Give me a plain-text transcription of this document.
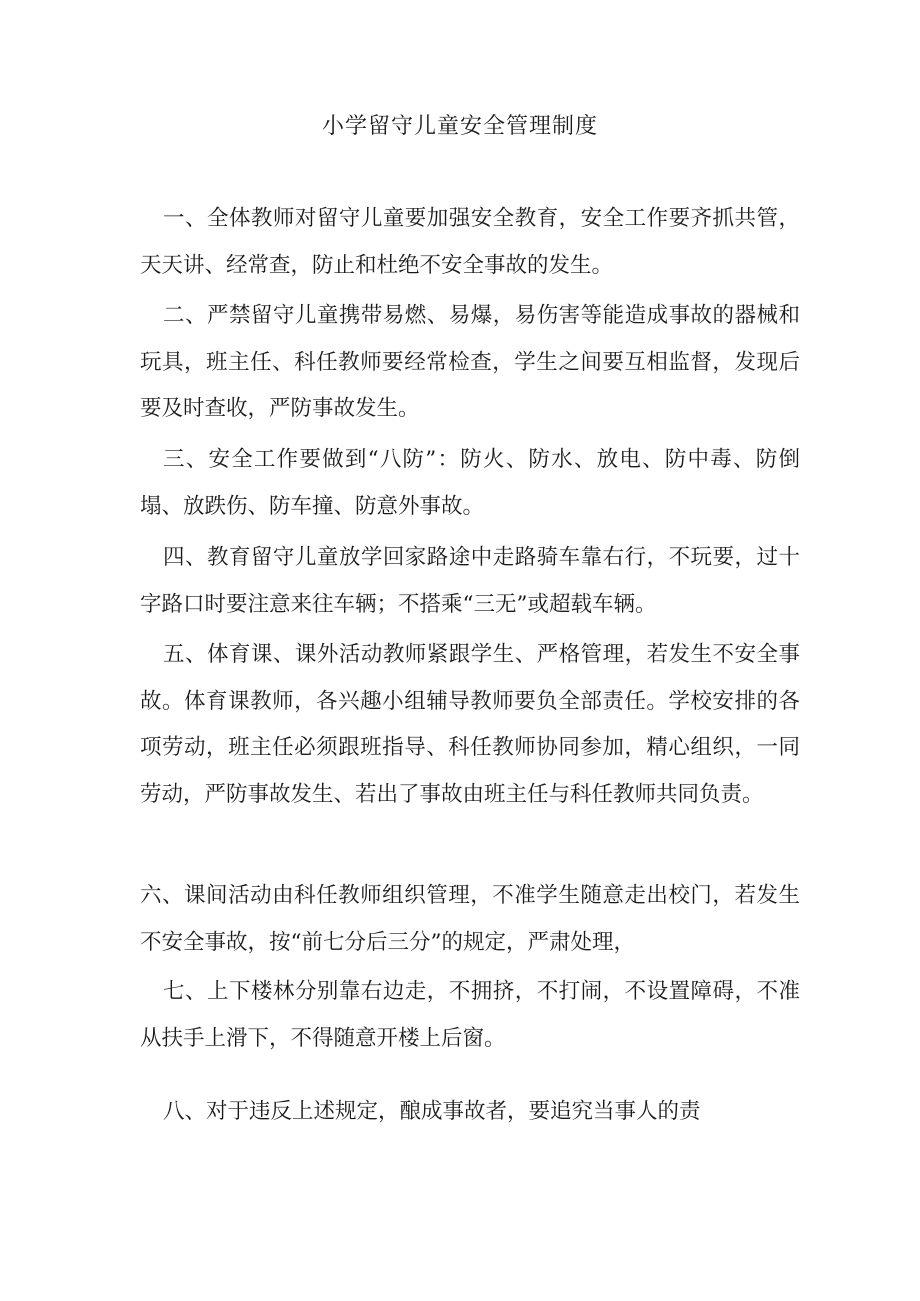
小学留守儿童安全管理制度

一、全体教师对留守儿童要加强安全教育，安全工作要齐抓共管，天天讲、经常查，防止和杜绝不安全事故的发生。

二、严禁留守儿童携带易燃、易爆，易伤害等能造成事故的器械和玩具，班主任、科任教师要经常检查，学生之间要互相监督，发现后要及时查收，严防事故发生。

三、安全工作要做到“八防”：防火、防水、放电、防中毒、防倒塌、放跌伤、防车撞、防意外事故。

四、教育留守儿童放学回家路途中走路骑车靠右行，不玩要，过十字路口时要注意来往车辆；不搭乘“三无”或超载车辆。

五、体育课、课外活动教师紧跟学生、严格管理，若发生不安全事故。体育课教师，各兴趣小组辅导教师要负全部责任。学校安排的各项劳动，班主任必须跟班指导、科任教师协同参加，精心组织，一同劳动，严防事故发生、若出了事故由班主任与科任教师共同负责。

六、课间活动由科任教师组织管理，不准学生随意走出校门，若发生不安全事故，按“前七分后三分”的规定，严肃处理，

七、上下楼林分别靠右边走，不拥挤，不打闹，不设置障碍，不准从扶手上滑下，不得随意开楼上后窗。

八、对于违反上述规定，酿成事故者，要追究当事人的责
